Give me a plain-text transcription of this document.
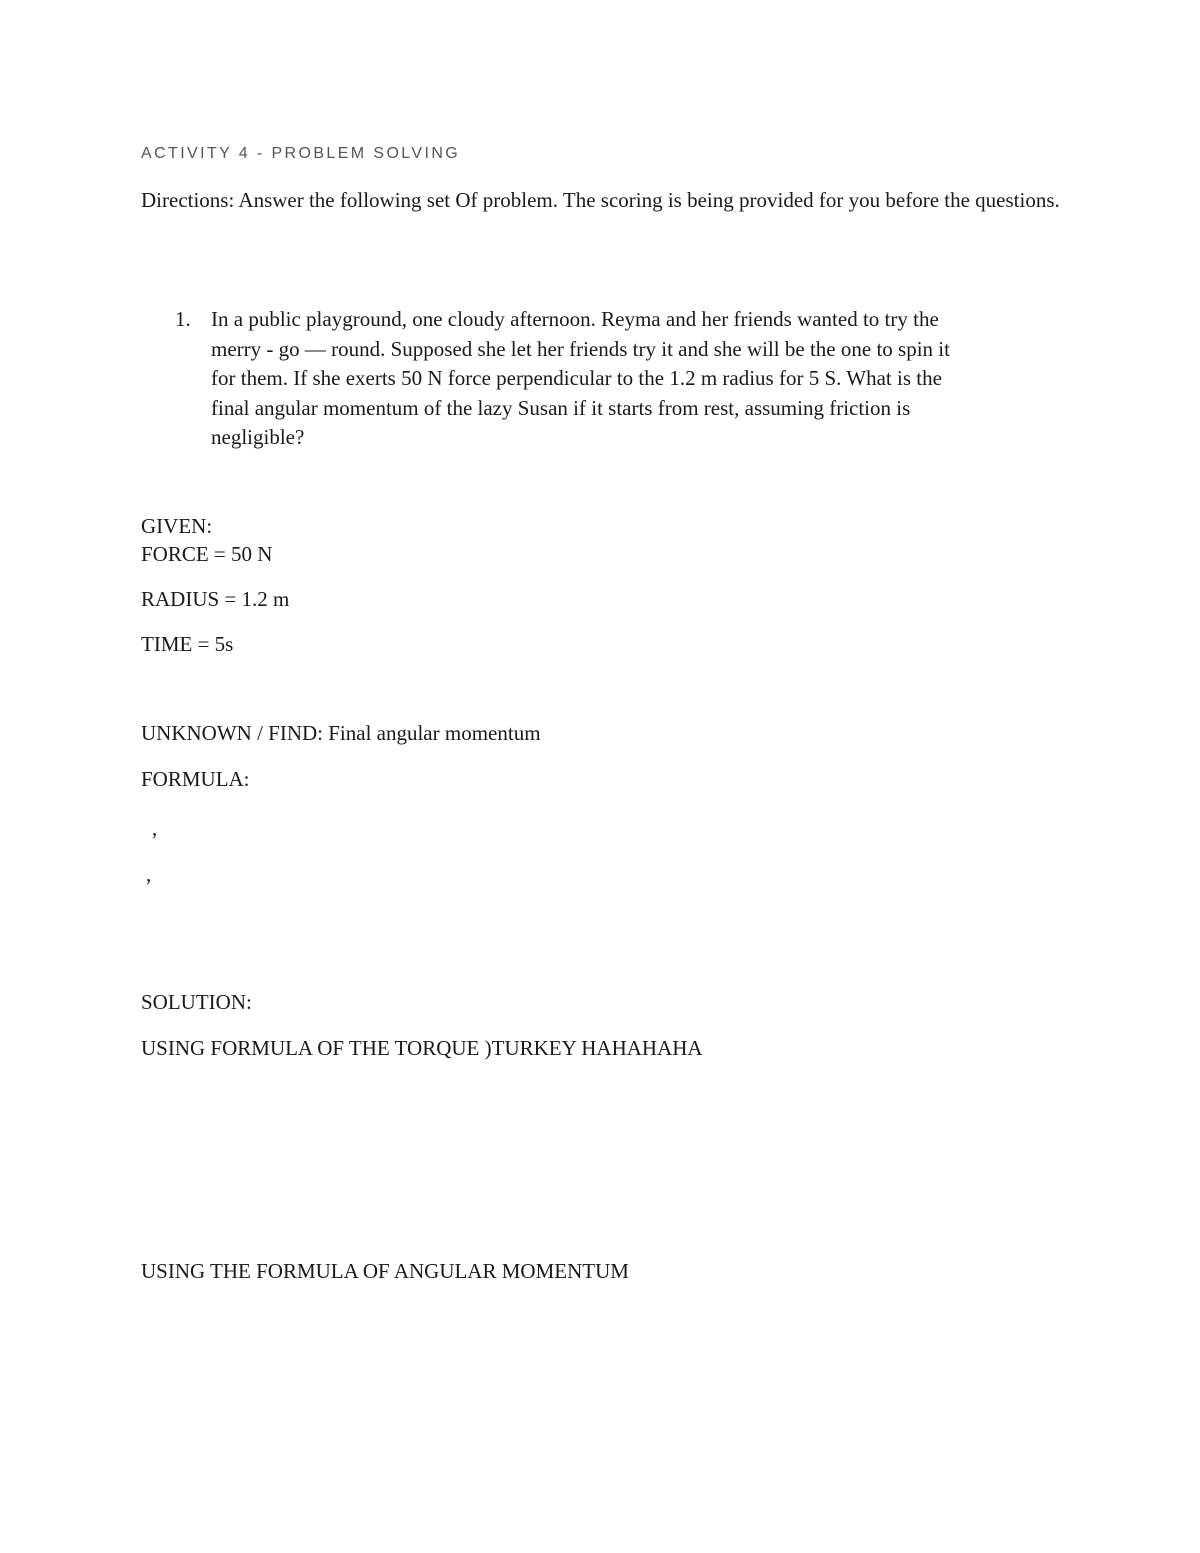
ACTIVITY 4 - PROBLEM SOLVING
Directions: Answer the following set Of problem. The scoring is being provided for you before the questions.
1. In a public playground, one cloudy afternoon. Reyma and her friends wanted to try the
merry - go — round. Supposed she let her friends try it and she will be the one to spin it
for them. If she exerts 50 N force perpendicular to the 1.2 m radius for 5 S. What is the
final angular momentum of the lazy Susan if it starts from rest, assuming friction is
negligible?
GIVEN:
FORCE = 50 N
RADIUS = 1.2 m
TIME = 5s
UNKNOWN / FIND: Final angular momentum
FORMULA:
,
,
SOLUTION:
USING FORMULA OF THE TORQUE )TURKEY HAHAHAHA
USING THE FORMULA OF ANGULAR MOMENTUM
